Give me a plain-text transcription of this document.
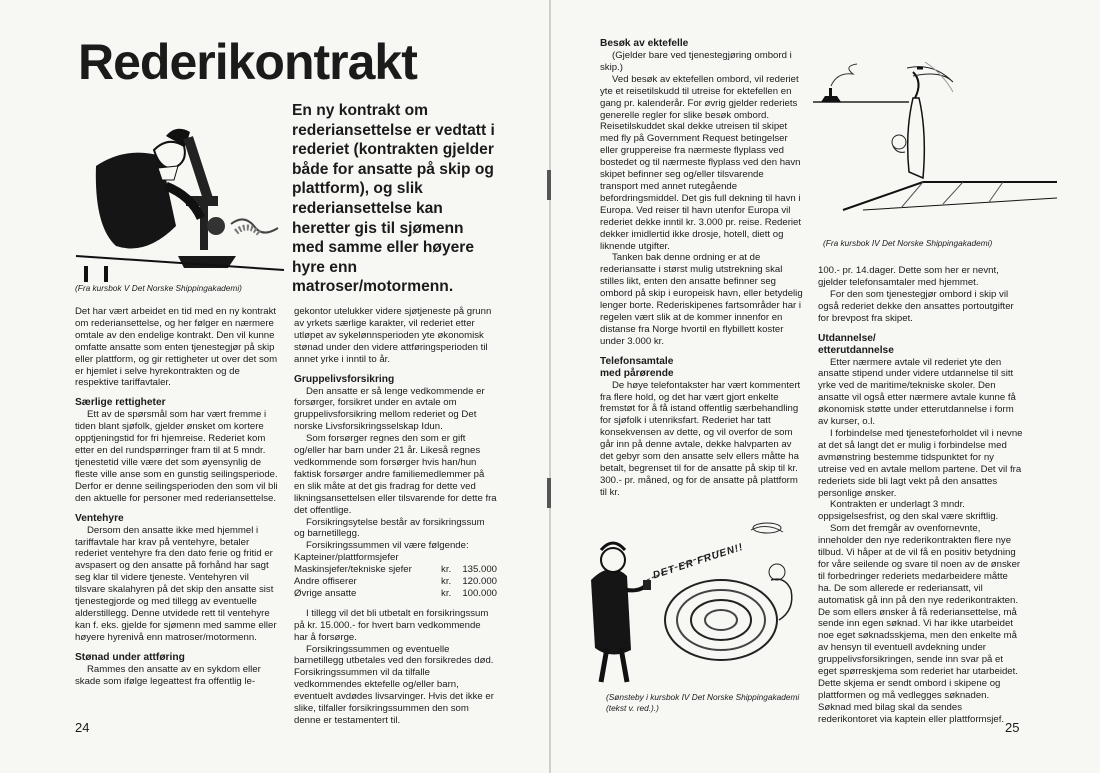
Rederikontrakt
(Fra kursbok V Det Norske Shippingakademi)

En ny kontrakt om rederiansettelse er vedtatt i rederiet (kontrakten gjelder både for ansatte på skip og plattform), og slik rederiansettelse kan heretter gis til sjømenn med samme eller høyere hyre enn matroser/motormenn.

Det har vært arbeidet en tid med en ny kontrakt om rederiansettelse, og her følger en nærmere omtale av den endelige kontrakt. Den vil kunne omfatte ansatte som enten tjenestegjør på skip eller plattform, og gir rettigheter ut over det som er hjemlet i selve hyrekontrakten og de respektive tariffavtaler.

Særlige rettigheter

Ett av de spørsmål som har vært fremme i tiden blant sjøfolk, gjelder ønsket om kortere opptjeningstid for fri hjemreise. Rederiet kom etter en del rundspørringer fram til at 5 mndr. tjenestetid ville være det som øyensynlig de fleste ville anse som en gunstig seilingsperiode. Derfor er denne seilingsperioden den som vil bli den aktuelle for personer med rederiansettelse.

Ventehyre

Dersom den ansatte ikke med hjemmel i tariffavtale har krav på ventehyre, betaler rederiet ventehyre fra den dato ferie og fritid er avspasert og den ansatte på forhånd har sagt seg klar til videre tjeneste. Ventehyren vil tilsvare skalahyren på det skip den ansatte sist tjenestegjorde og med tillegg av eventuelle alderstillegg. Denne utvidede rett til ventehyre kan f. eks. gjelde for sjømenn med samme eller høyere hyrenivå enn matroser/motormenn.

Stønad under attføring

Rammes den ansatte av en sykdom eller skade som ifølge legeattest fra offentlig le-

gekontor utelukker videre sjøtjeneste på grunn av yrkets særlige karakter, vil rederiet etter utløpet av sykelønnsperioden yte økonomisk stønad under den videre attføringsperioden til annet yrke i inntil to år.

Gruppelivsforsikring

Den ansatte er så lenge vedkommende er forsørger, forsikret under en avtale om gruppelivsforsikring mellom rederiet og Det norske Livsforsikringsselskap Idun.

Som forsørger regnes den som er gift og/eller har barn under 21 år. Likeså regnes vedkommende som forsørger hvis han/hun faktisk forsørger andre familiemedlemmer på en slik måte at det gis fradrag for dette ved likningsansettelsen eller tilsvarende for dette fra det offentlige.

Forsikringsytelse består av forsikringssum og barnetillegg.

Forsikringssummen vil være følgende:

Kapteiner/plattformsjefer		
Maskinsjefer/tekniske sjefer	kr.	135.000
Andre offiserer	kr.	120.000
Øvrige ansatte	kr.	100.000

I tillegg vil det bli utbetalt en forsikringssum på kr. 15.000.- for hvert barn vedkommende har å forsørge.

Forsikringssummen og eventuelle barnetillegg utbetales ved den forsikredes død. Forsikringssummen vil da tilfalle vedkommendes ektefelle og/eller barn, eventuelt avdødes livsarvinger. Hvis det ikke er slike, tilfaller forsikringssummen den som denne er testamentert til.

24
Besøk av ektefelle

(Gjelder bare ved tjenestegjøring ombord i skip.)

Ved besøk av ektefellen ombord, vil rederiet yte et reisetilskudd til utreise for ektefellen en gang pr. kalenderår. For øvrig gjelder rederiets generelle regler for slike besøk ombord. Reisetilskuddet skal dekke utreisen til skipet med fly på Government Request betingelser eller gruppereise fra nærmeste flyplass ved bostedet og til nærmeste flyplass ved den havn skipet befinner seg og/eller tilsvarende transport med annet rutegående befordringsmiddel. Det gis full dekning til havn i Europa. Ved reiser til havn utenfor Europa vil rederiet dekke inntil kr. 3.000 pr. reise. Rederiet dekker imidlertid ikke drosje, hotell, diett og liknende utgifter.

Tanken bak denne ordning er at de rederiansatte i størst mulig utstrekning skal stilles likt, enten den ansatte befinner seg ombord på skip i europeisk havn, eller betydelig lenger borte. Rederiskipenes fartsområder har i regelen vært slik at de kommer innenfor en distanse fra Norge hvortil en flybillett koster under 3.000 kr.

Telefonsamtale med pårørende

De høye telefontakster har vært kommentert fra flere hold, og det har vært gjort enkelte fremstøt for å få istand offentlig særbehandling for sjøfolk i utenriksfart. Rederiet har tatt konsekvensen av dette, og vil overfor de som går inn på denne avtale, dekke halvparten av det gebyr som den ansatte selv ellers måtte ha betalt, begrenset til for de ansatte på skip til kr. 300.- pr. måned, og for de ansatte på plattform til kr.

(Fra kursbok IV Det Norske Shippingakademi)
DET ER FRUEN!!
(Sønsteby i kursbok IV Det Norske Shippingakademi (tekst v. red.).)

100.- pr. 14.dager. Dette som her er nevnt, gjelder telefonsamtaler med hjemmet.

For den som tjenestegjør ombord i skip vil også rederiet dekke den ansattes portoutgifter for brevpost fra skipet.

Utdannelse/ etterutdannelse

Etter nærmere avtale vil rederiet yte den ansatte stipend under videre utdannelse til sitt yrke ved de maritime/tekniske skoler. Den ansatte vil også etter nærmere avtale kunne få økonomisk støtte under etterutdannelse i form av kurser, o.l.

I forbindelse med tjenesteforholdet vil i nevne at det så langt det er mulig i forbindelse med avmønstring bestemme tidspunktet for ny utreise ved en avtale mellom partene. Det vil fra rederiets side bli lagt vekt på den ansattes personlige ønsker.

Kontrakten er underlagt 3 mndr. oppsigelsesfrist, og den skal være skriftlig.

Som det fremgår av ovenfornevnte, inneholder den nye rederikontrakten flere nye tilbud. Vi håper at de vil få en positiv betydning for våre seilende og svare til noen av de ønsker til forbedringer rederiets medarbeidere måtte ha. De som allerede er rederiansatt, vil automatisk gå inn på den nye rederikontrakten. De som ellers ønsker å få rederiansettelse, må sende inn egen søknad. Vi har ikke utarbeidet noe eget søknadsskjema, men den enkelte må av hensyn til eventuell avdekning under gruppelivsforsikringen, sende inn svar på et eget spørreskjema som rederiet har utarbeidet. Dette skjema er sendt ombord i skipene og plattformen og må vedlegges søknaden. Søknad med bilag skal da sendes rederikontoret via kaptein eller plattformsjef.

25
